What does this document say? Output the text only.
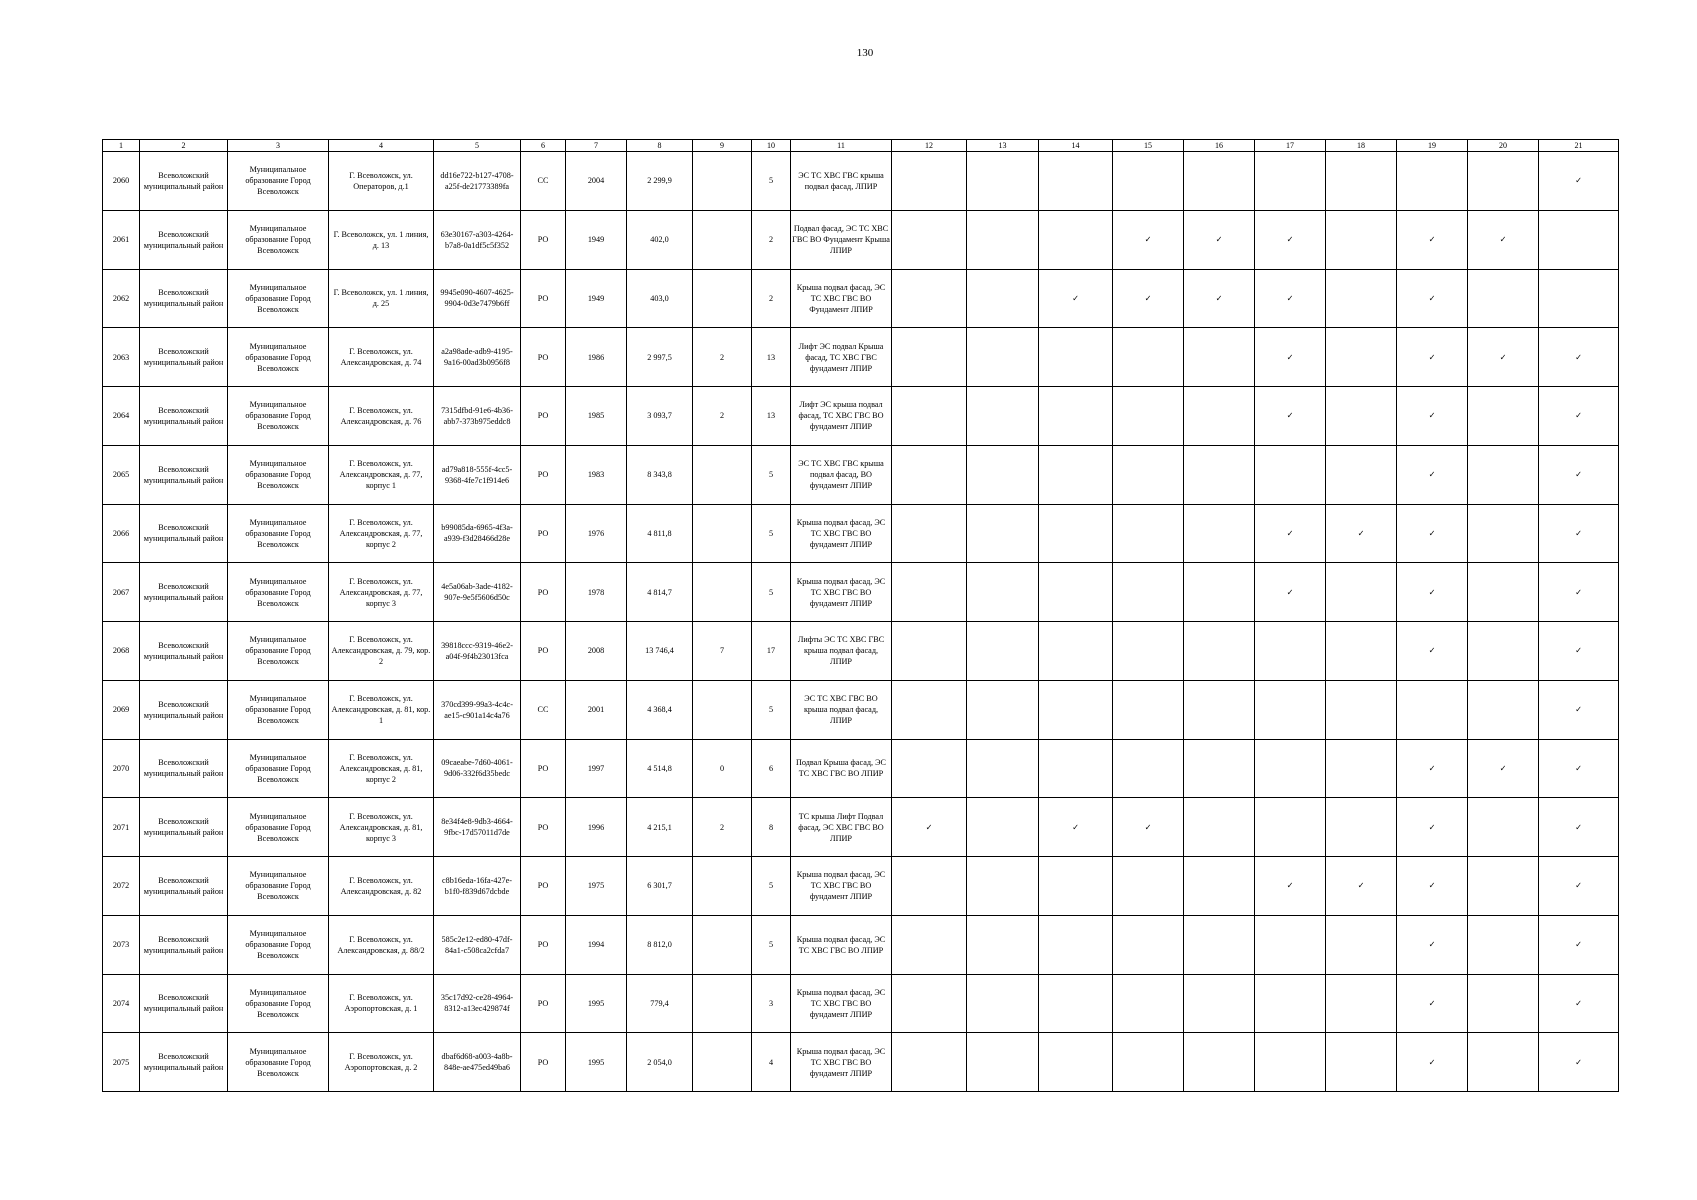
130
1	2	3	4	5	6	7	8	9	10	11	12	13	14	15	16	17	18	19	20	21
2060	Всеволожский муниципальный район	Муниципальное образование Город Всеволожск	Г. Всеволожск, ул. Операторов, д.1	dd16e722-b127-4708-a25f-de21773389fa	СС	2004	2 299,9		5	ЭС ТС ХВС ГВС крыша подвал фасад, ЛПИР										✓
2061	Всеволожский муниципальный район	Муниципальное образование Город Всеволожск	Г. Всеволожск, ул. 1 линия, д. 13	63e30167-a303-4264-b7a8-0a1df5c5f352	РО	1949	402,0		2	Подвал фасад, ЭС ТС ХВС ГВС ВО Фундамент Крыша ЛПИР				✓	✓	✓		✓	✓	
2062	Всеволожский муниципальный район	Муниципальное образование Город Всеволожск	Г. Всеволожск, ул. 1 линия, д. 25	9945e090-4607-4625-9904-0d3e7479b6ff	РО	1949	403,0		2	Крыша подвал фасад, ЭС ТС ХВС ГВС ВО Фундамент ЛПИР			✓	✓	✓	✓		✓		
2063	Всеволожский муниципальный район	Муниципальное образование Город Всеволожск	Г. Всеволожск, ул. Александровская, д. 74	a2a98ade-adb9-4195-9a16-00ad3b0956f8	РО	1986	2 997,5	2	13	Лифт ЭС подвал Крыша фасад, ТС ХВС ГВС фундамент ЛПИР						✓		✓	✓	✓
2064	Всеволожский муниципальный район	Муниципальное образование Город Всеволожск	Г. Всеволожск, ул. Александровская, д. 76	7315dfbd-91e6-4b36-abb7-373b975eddc8	РО	1985	3 093,7	2	13	Лифт ЭС крыша подвал фасад, ТС ХВС ГВС ВО фундамент ЛПИР						✓		✓		✓
2065	Всеволожский муниципальный район	Муниципальное образование Город Всеволожск	Г. Всеволожск, ул. Александровская, д. 77, корпус 1	ad79a818-555f-4cc5-9368-4fe7c1f914e6	РО	1983	8 343,8		5	ЭС ТС ХВС ГВС крыша подвал фасад, ВО фундамент ЛПИР								✓		✓
2066	Всеволожский муниципальный район	Муниципальное образование Город Всеволожск	Г. Всеволожск, ул. Александровская, д. 77, корпус 2	b99085da-6965-4f3a-a939-f3d28466d28e	РО	1976	4 811,8		5	Крыша подвал фасад, ЭС ТС ХВС ГВС ВО фундамент ЛПИР						✓	✓	✓		✓
2067	Всеволожский муниципальный район	Муниципальное образование Город Всеволожск	Г. Всеволожск, ул. Александровская, д. 77, корпус 3	4e5a06ab-3ade-4182-907e-9e5f5606d50c	РО	1978	4 814,7		5	Крыша подвал фасад, ЭС ТС ХВС ГВС ВО фундамент ЛПИР						✓		✓		✓
2068	Всеволожский муниципальный район	Муниципальное образование Город Всеволожск	Г. Всеволожск, ул. Александровская, д. 79, кор. 2	39818ccc-9319-46e2-a04f-9f4b23013fca	РО	2008	13 746,4	7	17	Лифты ЭС ТС ХВС ГВС крыша подвал фасад, ЛПИР								✓		✓
2069	Всеволожский муниципальный район	Муниципальное образование Город Всеволожск	Г. Всеволожск, ул. Александровская, д. 81, кор. 1	370cd399-99a3-4c4c-ae15-c901a14c4a76	СС	2001	4 368,4		5	ЭС ТС ХВС ГВС ВО крыша подвал фасад, ЛПИР										✓
2070	Всеволожский муниципальный район	Муниципальное образование Город Всеволожск	Г. Всеволожск, ул. Александровская, д. 81, корпус 2	09caeabe-7d60-4061-9d06-332f6d35bedc	РО	1997	4 514,8	0	6	Подвал Крыша фасад, ЭС ТС ХВС ГВС ВО ЛПИР								✓	✓	✓
2071	Всеволожский муниципальный район	Муниципальное образование Город Всеволожск	Г. Всеволожск, ул. Александровская, д. 81, корпус 3	8e34f4e8-9db3-4664-9fbc-17d57011d7de	РО	1996	4 215,1	2	8	ТС крыша Лифт Подвал фасад, ЭС ХВС ГВС ВО ЛПИР	✓		✓	✓				✓		✓
2072	Всеволожский муниципальный район	Муниципальное образование Город Всеволожск	Г. Всеволожск, ул. Александровская, д. 82	c8b16eda-16fa-427e-b1f0-f839d67dcbde	РО	1975	6 301,7		5	Крыша подвал фасад, ЭС ТС ХВС ГВС ВО фундамент ЛПИР						✓	✓	✓		✓
2073	Всеволожский муниципальный район	Муниципальное образование Город Всеволожск	Г. Всеволожск, ул. Александровская, д. 88/2	585c2e12-ed80-47df-84a1-c508ca2cfda7	РО	1994	8 812,0		5	Крыша подвал фасад, ЭС ТС ХВС ГВС ВО ЛПИР								✓		✓
2074	Всеволожский муниципальный район	Муниципальное образование Город Всеволожск	Г. Всеволожск, ул. Аэропортовская, д. 1	35c17d92-ce28-4964-8312-a13ec429874f	РО	1995	779,4		3	Крыша подвал фасад, ЭС ТС ХВС ГВС ВО фундамент ЛПИР								✓		✓
2075	Всеволожский муниципальный район	Муниципальное образование Город Всеволожск	Г. Всеволожск, ул. Аэропортовская, д. 2	dbaf6d68-a003-4a8b-848e-ae475ed49ba6	РО	1995	2 054,0		4	Крыша подвал фасад, ЭС ТС ХВС ГВС ВО фундамент ЛПИР								✓		✓
